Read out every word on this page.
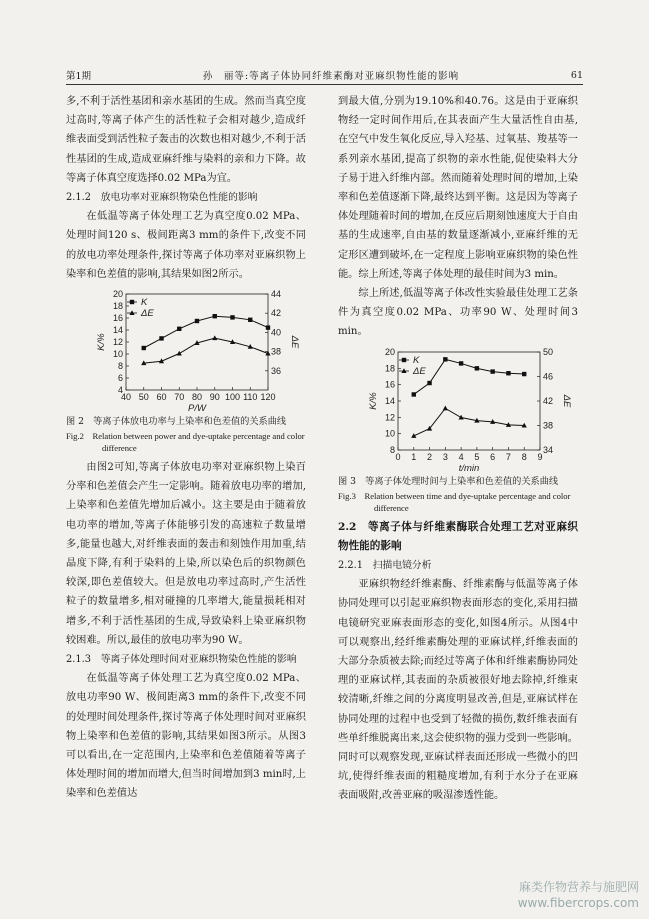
第1期	孙　丽等:等离子体协同纤维素酶对亚麻织物性能的影响	61

多,不利于活性基团和亲水基团的生成。然而当真空度过高时,等离子体产生的活性粒子会相对越少,造成纤维表面受到活性粒子轰击的次数也相对越少,不利于活性基团的生成,造成亚麻纤维与染料的亲和力下降。故等离子体真空度选择0.02 MPa为宜。

2.1.2　放电功率对亚麻织物染色性能的影响

在低温等离子体处理工艺为真空度0.02 MPa、处理时间120 s、极间距离3 mm的条件下,改变不同的放电功率处理条件,探讨等离子体功率对亚麻织物上染率和色差值的影响,其结果如图2所示。

40 50 60 70 80 90 100 110 120
4
6
8
10
12
14
16
18
20
36
38
40
42
44
P/W
K/%	ΔE
K
ΔE
图 2　等离子体放电功率与上染率和色差值的关系曲线
Fig.2　Relation between power and dye-uptake percentage and color difference

由图2可知,等离子体放电功率对亚麻织物上染百分率和色差值会产生一定影响。随着放电功率的增加,上染率和色差值先增加后减小。这主要是由于随着放电功率的增加,等离子体能够引发的高速粒子数量增多,能量也越大,对纤维表面的轰击和刻蚀作用加重,结晶度下降,有利于染料的上染,所以染色后的织物颜色较深,即色差值较大。但是放电功率过高时,产生活性粒子的数量增多,相对碰撞的几率增大,能量损耗相对增多,不利于活性基团的生成,导致染料上染亚麻织物较困难。所以,最佳的放电功率为90 W。

2.1.3　等离子体处理时间对亚麻织物染色性能的影响

在低温等离子体处理工艺为真空度0.02 MPa、放电功率90 W、极间距离3 mm的条件下,改变不同的处理时间处理条件,探讨等离子体处理时间对亚麻织物上染率和色差值的影响,其结果如图3所示。从图3可以看出,在一定范围内,上染率和色差值随着等离子体处理时间的增加而增大,但当时间增加到3 min时,上染率和色差值达

到最大值,分别为19.10%和40.76。这是由于亚麻织物经一定时间作用后,在其表面产生大量活性自由基,在空气中发生氧化反应,导入羟基、过氧基、羧基等一系列亲水基团,提高了织物的亲水性能,促使染料大分子易于进入纤维内部。然而随着处理时间的增加,上染率和色差值逐渐下降,最终达到平衡。这是因为等离子体处理随着时间的增加,在反应后期刻蚀速度大于自由基的生成速率,自由基的数量逐渐减小,亚麻纤维的无定形区遭到破坏,在一定程度上影响亚麻织物的染色性能。综上所述,等离子体处理的最佳时间为3 min。

综上所述,低温等离子体改性实验最佳处理工艺条件为真空度0.02 MPa、功率90 W、处理时间3 min。

0 1 2 3 4 5 6 7 8 9
8
10
12
14
16
18
20
34
38
42
46
50
t/min
K/%	ΔE
K
ΔE
图 3　等离子体处理时间与上染率和色差值的关系曲线
Fig.3　Relation between time and dye-uptake percentage and color difference

2.2　等离子体与纤维素酶联合处理工艺对亚麻织物性能的影响

2.2.1　扫描电镜分析

亚麻织物经纤维素酶、纤维素酶与低温等离子体协同处理可以引起亚麻织物表面形态的变化,采用扫描电镜研究亚麻表面形态的变化,如图4所示。从图4中可以观察出,经纤维素酶处理的亚麻试样,纤维表面的大部分杂质被去除;而经过等离子体和纤维素酶协同处理的亚麻试样,其表面的杂质被很好地去除掉,纤维束较清晰,纤维之间的分离度明显改善,但是,亚麻试样在协同处理的过程中也受到了轻微的损伤,数纤维表面有些单纤维脱离出来,这会使织物的强力受到一些影响。同时可以观察发现,亚麻试样表面还形成一些微小的凹坑,使得纤维表面的粗糙度增加,有利于水分子在亚麻表面吸附,改善亚麻的吸湿渗透性能。

麻类作物营养与施肥网
www.fibercrops.com
